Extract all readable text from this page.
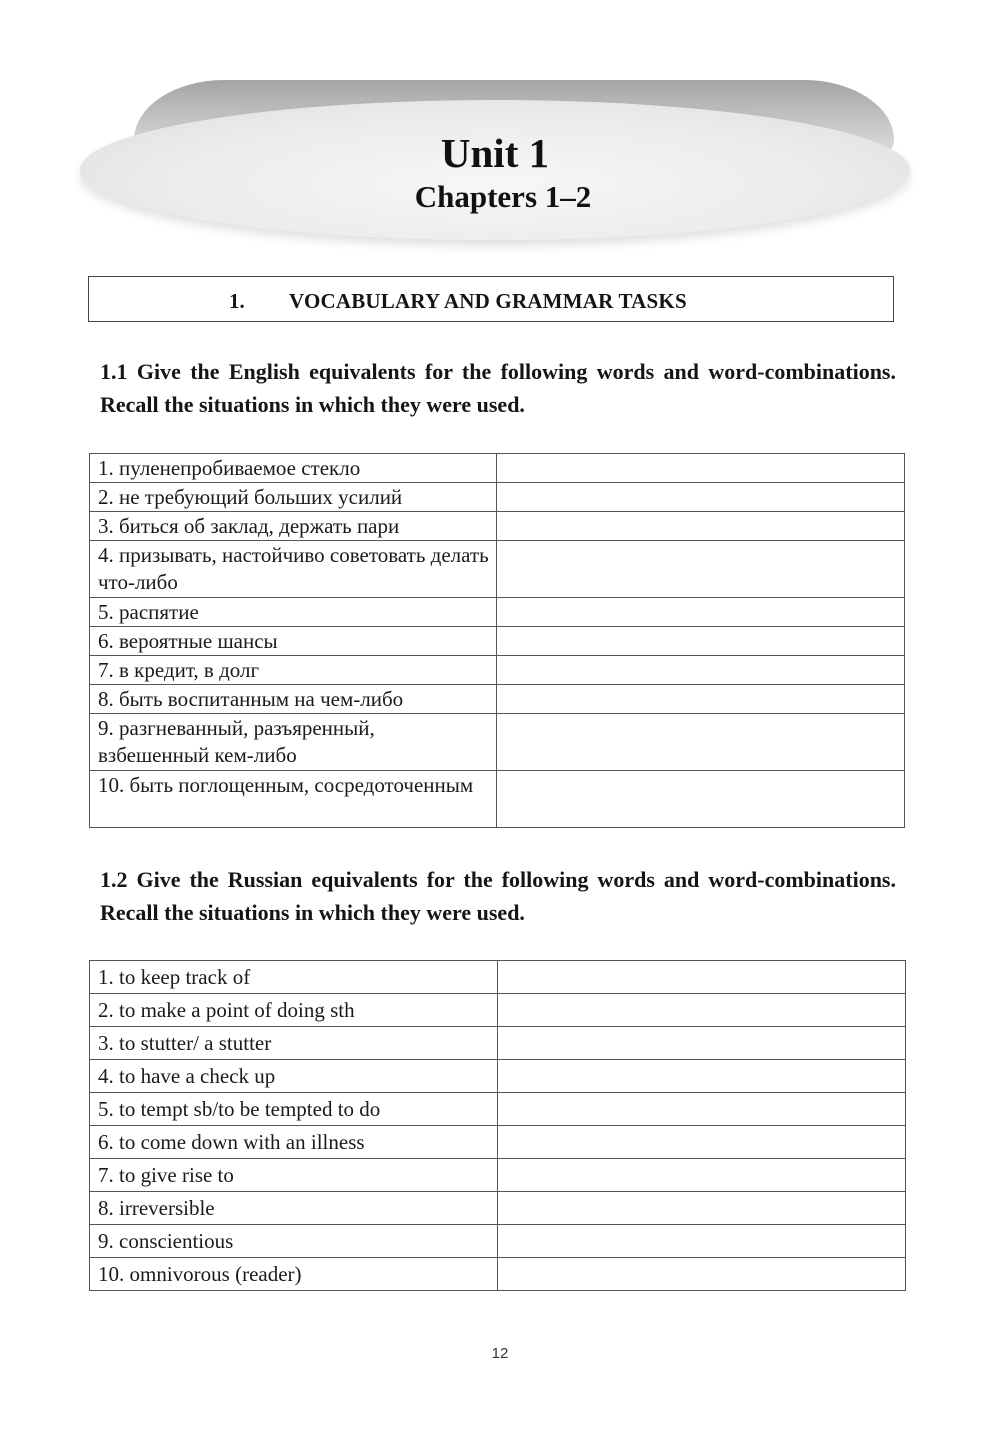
Unit 1
Chapters 1–2
1. VOCABULARY AND GRAMMAR TASKS
1.1 Give the English equivalents for the following words and word-combinations. Recall the situations in which they were used.
1. пуленепробиваемое стекло	
2. не требующий больших усилий	
3. биться об заклад, держать пари	
4. призывать, настойчиво советовать делать что-либо	
5. распятие	
6. вероятные шансы	
7. в кредит, в долг	
8. быть воспитанным на чем-либо	
9. разгневанный, разъяренный, взбешенный кем-либо	
10. быть поглощенным, сосредоточенным	
1.2 Give the Russian equivalents for the following words and word-combinations. Recall the situations in which they were used.
1. to keep track of	
2. to make a point of doing sth	
3. to stutter/ a stutter	
4. to have a check up	
5. to tempt sb/to be tempted to do	
6. to come down with an illness	
7. to give rise to	
8. irreversible	
9. conscientious	
10. omnivorous (reader)	
12
